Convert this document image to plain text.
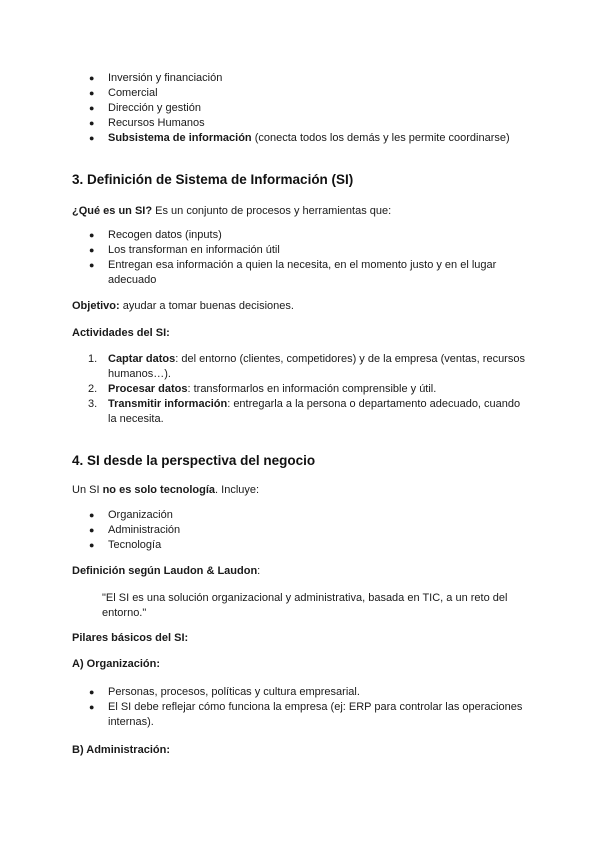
● Inversión y financiación
● Comercial
● Dirección y gestión
● Recursos Humanos
● Subsistema de información (conecta todos los demás y les permite coordinarse)
3. Definición de Sistema de Información (SI)
¿Qué es un SI? Es un conjunto de procesos y herramientas que:
● Recogen datos (inputs)
● Los transforman en información útil
● Entregan esa información a quien la necesita, en el momento justo y en el lugar adecuado
Objetivo: ayudar a tomar buenas decisiones.
Actividades del SI:
1. Captar datos: del entorno (clientes, competidores) y de la empresa (ventas, recursos humanos…).
2. Procesar datos: transformarlos en información comprensible y útil.
3. Transmitir información: entregarla a la persona o departamento adecuado, cuando la necesita.
4. SI desde la perspectiva del negocio
Un SI no es solo tecnología. Incluye:
● Organización
● Administración
● Tecnología
Definición según Laudon & Laudon:
"El SI es una solución organizacional y administrativa, basada en TIC, a un reto del entorno."
Pilares básicos del SI:
A) Organización:
● Personas, procesos, políticas y cultura empresarial.
● El SI debe reflejar cómo funciona la empresa (ej: ERP para controlar las operaciones internas).
B) Administración:
